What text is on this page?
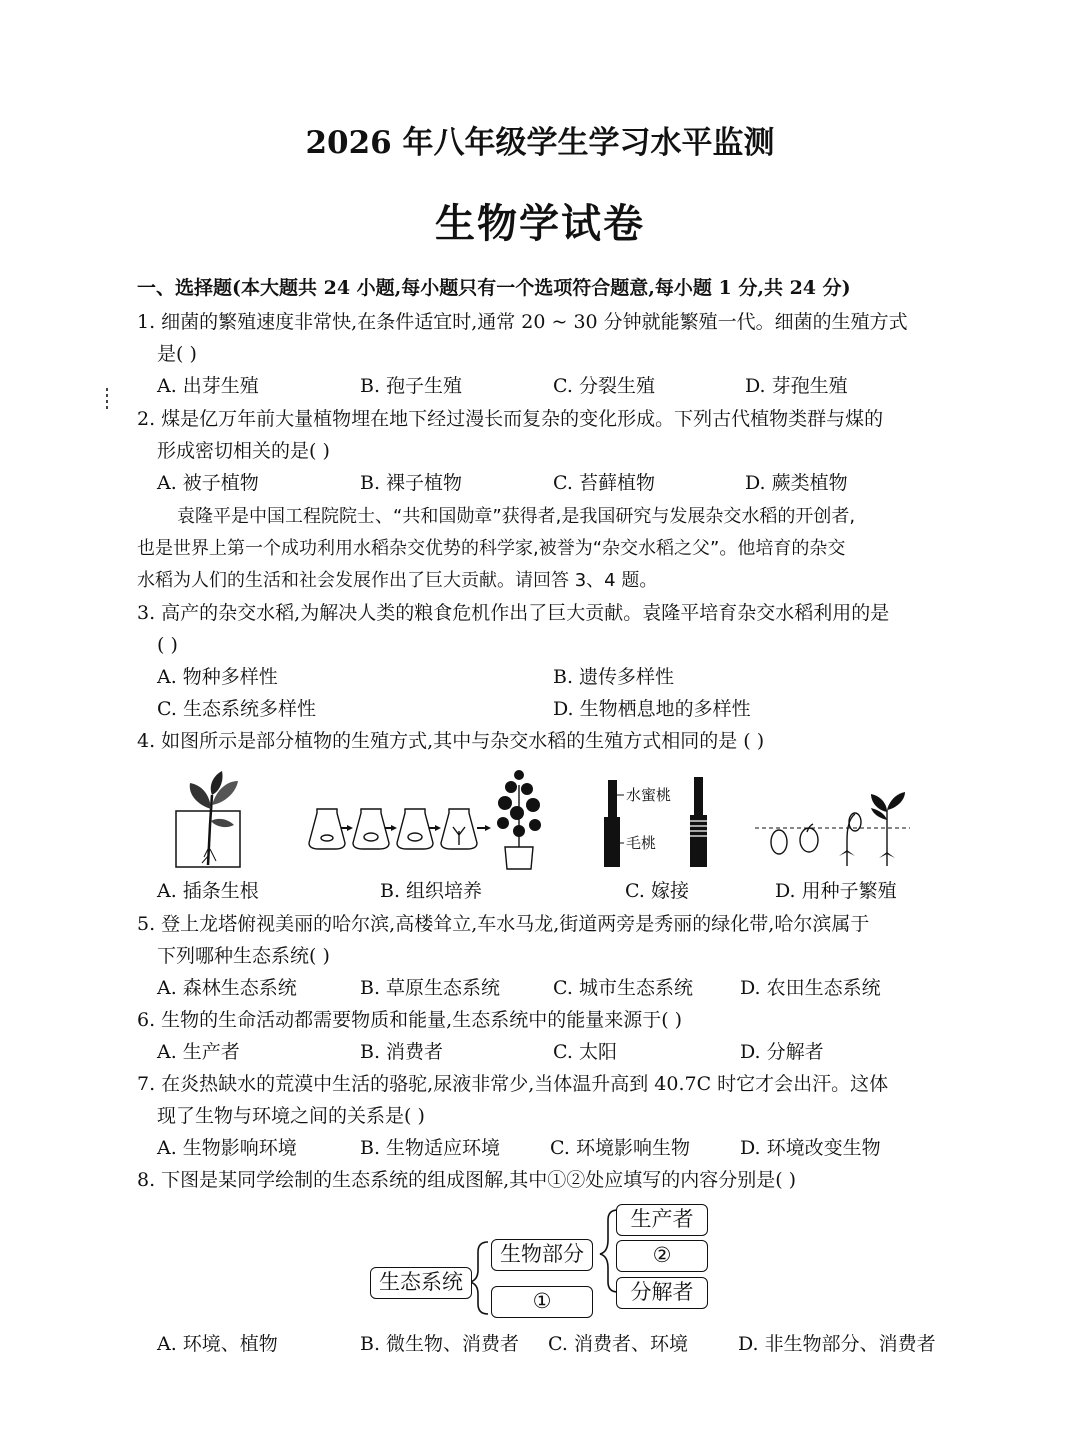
2026 年八年级学生学习水平监测
生物学试卷
一、选择题(本大题共 24 小题,每小题只有一个选项符合题意,每小题 1 分,共 24 分)
1. 细菌的繁殖速度非常快,在条件适宜时,通常 20 ~ 30 分钟就能繁殖一代。细菌的生殖方式
是( )
A. 出芽生殖	B. 孢子生殖	C. 分裂生殖	D. 芽孢生殖
2. 煤是亿万年前大量植物埋在地下经过漫长而复杂的变化形成。下列古代植物类群与煤的
形成密切相关的是( )
A. 被子植物	B. 裸子植物	C. 苔藓植物	D. 蕨类植物
袁隆平是中国工程院院士、“共和国勋章”获得者,是我国研究与发展杂交水稻的开创者,
也是世界上第一个成功利用水稻杂交优势的科学家,被誉为“杂交水稻之父”。他培育的杂交
水稻为人们的生活和社会发展作出了巨大贡献。请回答 3、4 题。
3. 高产的杂交水稻,为解决人类的粮食危机作出了巨大贡献。袁隆平培育杂交水稻利用的是
( )
A. 物种多样性	B. 遗传多样性
C. 生态系统多样性	D. 生物栖息地的多样性
4. 如图所示是部分植物的生殖方式,其中与杂交水稻的生殖方式相同的是 ( )
水蜜桃
毛桃
A. 插条生根	B. 组织培养	C. 嫁接	D. 用种子繁殖
5. 登上龙塔俯视美丽的哈尔滨,高楼耸立,车水马龙,街道两旁是秀丽的绿化带,哈尔滨属于
下列哪种生态系统( )
A. 森林生态系统	B. 草原生态系统	C. 城市生态系统 D. 农田生态系统
6. 生物的生命活动都需要物质和能量,生态系统中的能量来源于( )
A. 生产者	B. 消费者	C. 太阳	D. 分解者
7. 在炎热缺水的荒漠中生活的骆驼,尿液非常少,当体温升高到 40.7C 时它才会出汗。这体
现了生物与环境之间的关系是( )
A. 生物影响环境	B. 生物适应环境	C. 环境影响生物	D. 环境改变生物
8. 下图是某同学绘制的生态系统的组成图解,其中①②处应填写的内容分别是( )
生态系统
生物部分
①
生产者
②
分解者
A. 环境、植物	B. 微生物、消费者 C. 消费者、环境	D. 非生物部分、消费者
